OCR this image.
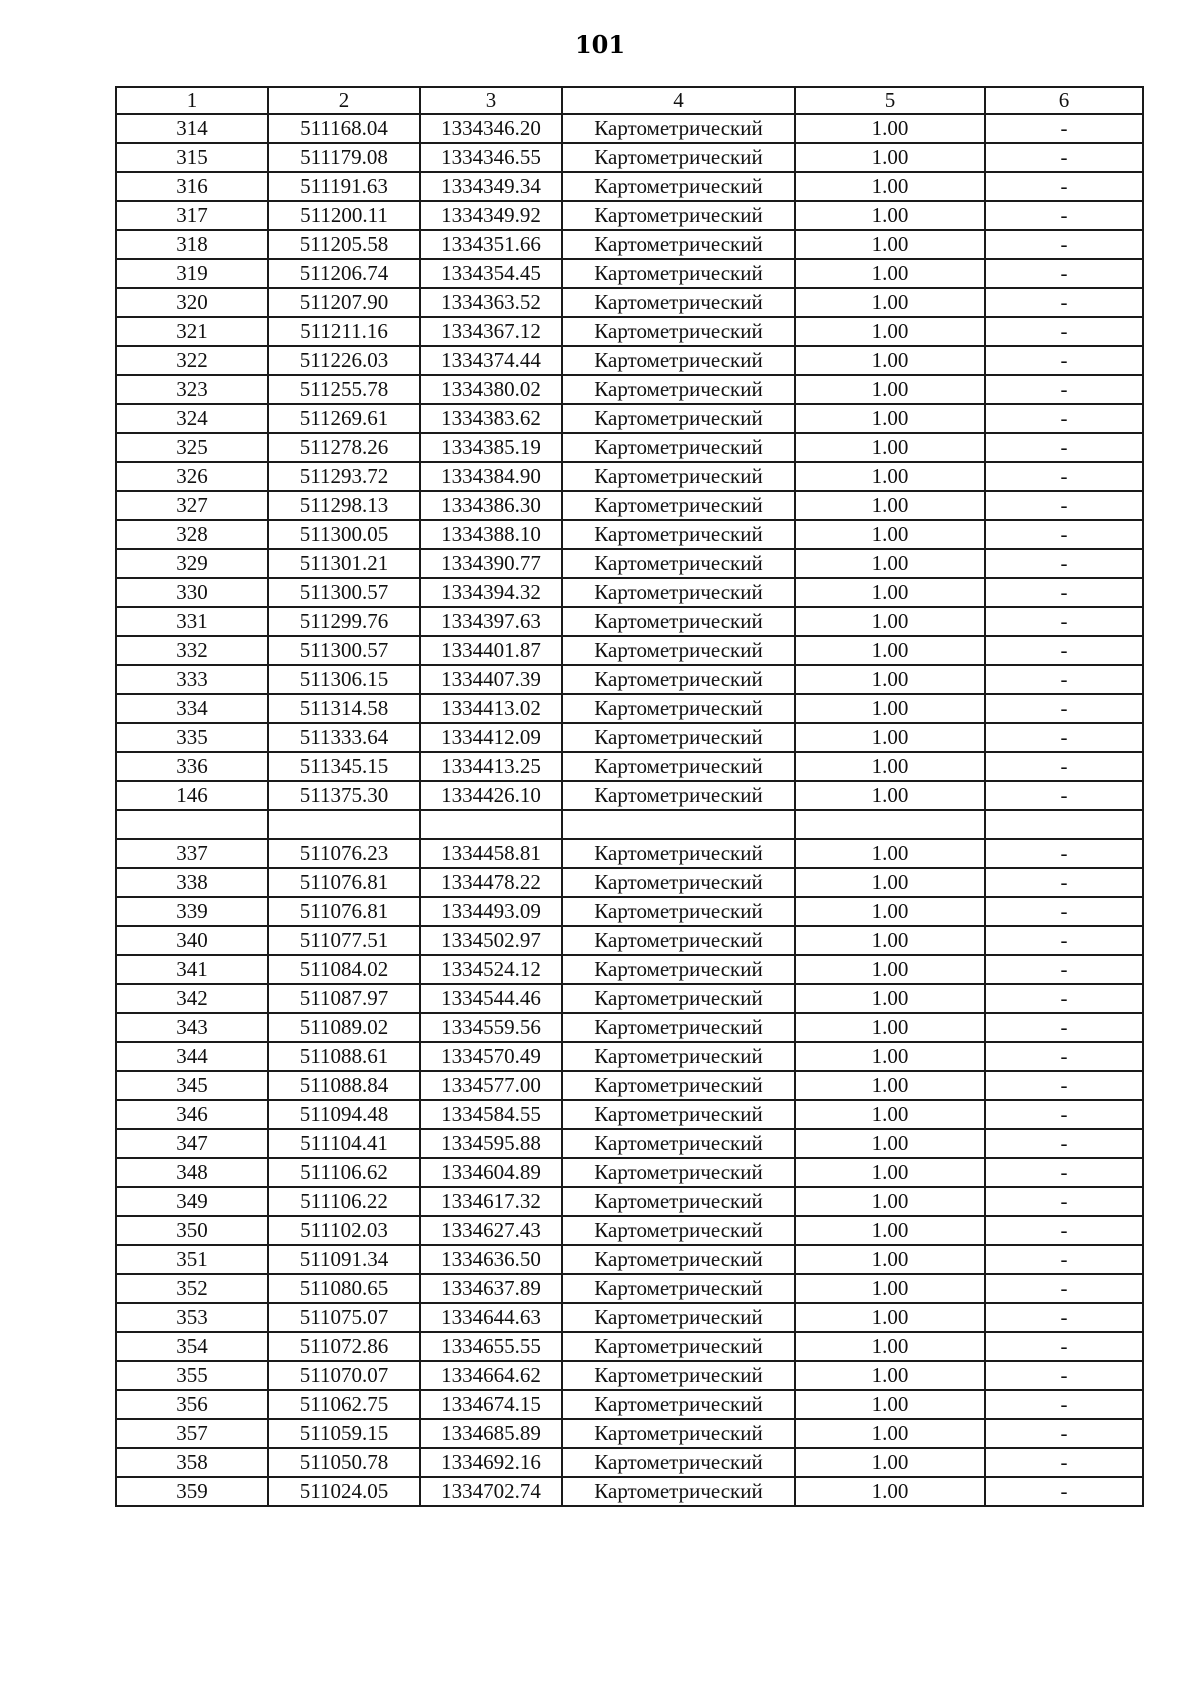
101
1	2	3	4	5	6
314	511168.04	1334346.20	Картометрический	1.00	-
315	511179.08	1334346.55	Картометрический	1.00	-
316	511191.63	1334349.34	Картометрический	1.00	-
317	511200.11	1334349.92	Картометрический	1.00	-
318	511205.58	1334351.66	Картометрический	1.00	-
319	511206.74	1334354.45	Картометрический	1.00	-
320	511207.90	1334363.52	Картометрический	1.00	-
321	511211.16	1334367.12	Картометрический	1.00	-
322	511226.03	1334374.44	Картометрический	1.00	-
323	511255.78	1334380.02	Картометрический	1.00	-
324	511269.61	1334383.62	Картометрический	1.00	-
325	511278.26	1334385.19	Картометрический	1.00	-
326	511293.72	1334384.90	Картометрический	1.00	-
327	511298.13	1334386.30	Картометрический	1.00	-
328	511300.05	1334388.10	Картометрический	1.00	-
329	511301.21	1334390.77	Картометрический	1.00	-
330	511300.57	1334394.32	Картометрический	1.00	-
331	511299.76	1334397.63	Картометрический	1.00	-
332	511300.57	1334401.87	Картометрический	1.00	-
333	511306.15	1334407.39	Картометрический	1.00	-
334	511314.58	1334413.02	Картометрический	1.00	-
335	511333.64	1334412.09	Картометрический	1.00	-
336	511345.15	1334413.25	Картометрический	1.00	-
146	511375.30	1334426.10	Картометрический	1.00	-

337	511076.23	1334458.81	Картометрический	1.00	-
338	511076.81	1334478.22	Картометрический	1.00	-
339	511076.81	1334493.09	Картометрический	1.00	-
340	511077.51	1334502.97	Картометрический	1.00	-
341	511084.02	1334524.12	Картометрический	1.00	-
342	511087.97	1334544.46	Картометрический	1.00	-
343	511089.02	1334559.56	Картометрический	1.00	-
344	511088.61	1334570.49	Картометрический	1.00	-
345	511088.84	1334577.00	Картометрический	1.00	-
346	511094.48	1334584.55	Картометрический	1.00	-
347	511104.41	1334595.88	Картометрический	1.00	-
348	511106.62	1334604.89	Картометрический	1.00	-
349	511106.22	1334617.32	Картометрический	1.00	-
350	511102.03	1334627.43	Картометрический	1.00	-
351	511091.34	1334636.50	Картометрический	1.00	-
352	511080.65	1334637.89	Картометрический	1.00	-
353	511075.07	1334644.63	Картометрический	1.00	-
354	511072.86	1334655.55	Картометрический	1.00	-
355	511070.07	1334664.62	Картометрический	1.00	-
356	511062.75	1334674.15	Картометрический	1.00	-
357	511059.15	1334685.89	Картометрический	1.00	-
358	511050.78	1334692.16	Картометрический	1.00	-
359	511024.05	1334702.74	Картометрический	1.00	-
